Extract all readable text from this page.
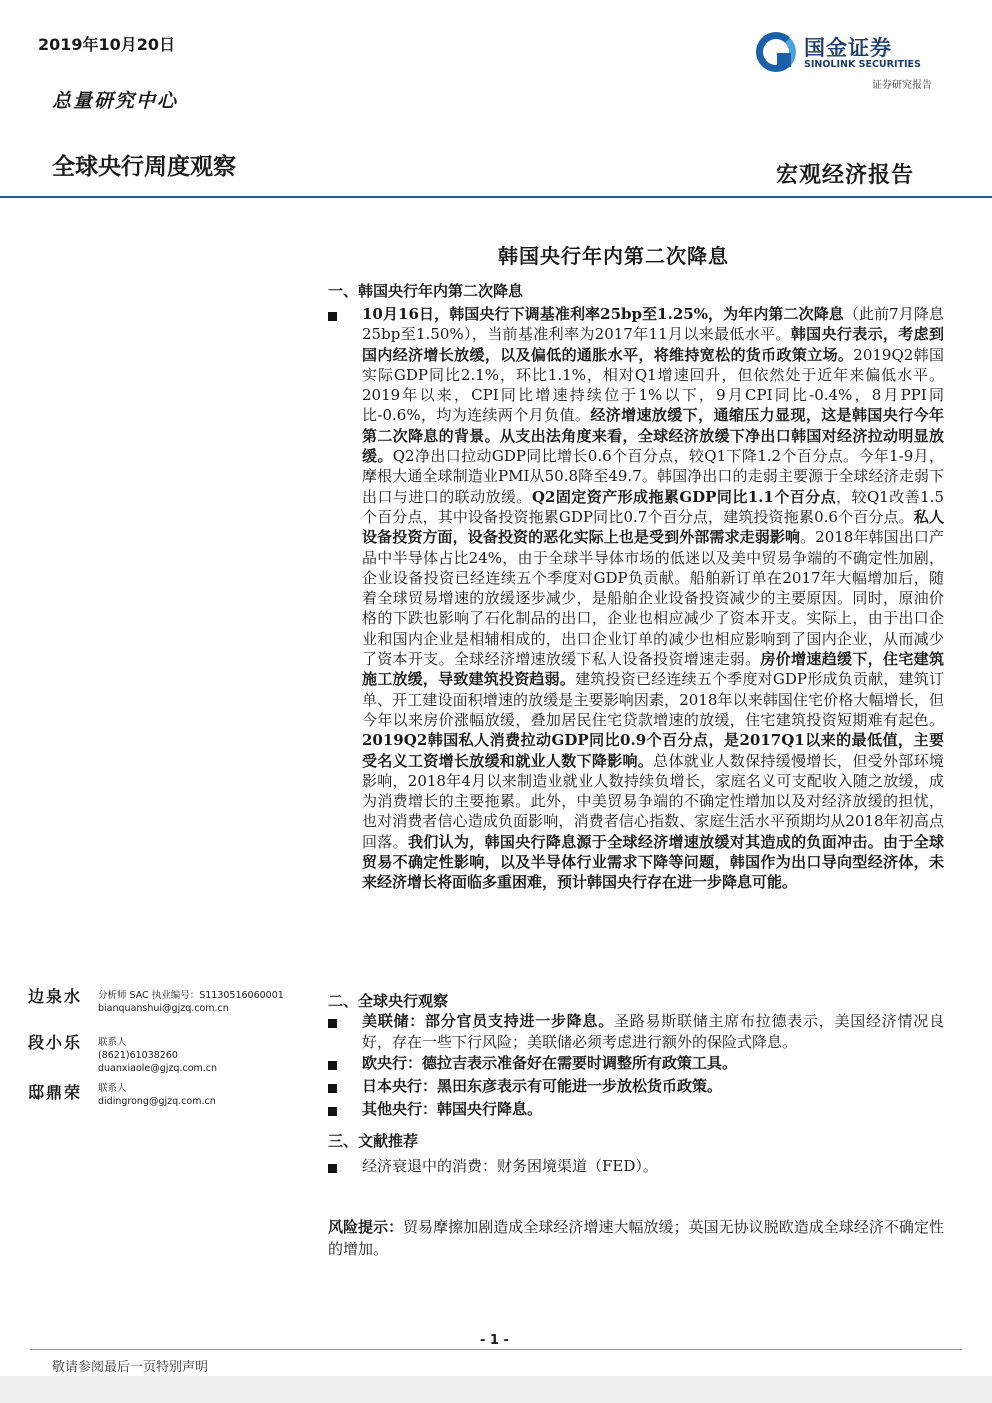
2019年10月20日
总量研究中心
全球央行周度观察	宏观经济报告
国金证券
SINOLINK SECURITIES
证券研究报告
韩国央行年内第二次降息
一、韩国央行年内第二次降息
10月16日，韩国央行下调基准利率25bp至1.25%，为年内第二次降息（此前7月降息25bp至1.50%），当前基准利率为2017年11月以来最低水平。韩国央行表示，考虑到国内经济增长放缓，以及偏低的通胀水平，将维持宽松的货币政策立场。2019Q2韩国实际GDP同比2.1%，环比1.1%，相对Q1增速回升，但依然处于近年来偏低水平。2019年以来，CPI同比增速持续位于1%以下，9月CPI同比-0.4%，8月PPI同比-0.6%，均为连续两个月负值。经济增速放缓下，通缩压力显现，这是韩国央行今年第二次降息的背景。从支出法角度来看，全球经济放缓下净出口韩国对经济拉动明显放缓。Q2净出口拉动GDP同比增长0.6个百分点，较Q1下降1.2个百分点。今年1-9月，摩根大通全球制造业PMI从50.8降至49.7。韩国净出口的走弱主要源于全球经济走弱下出口与进口的联动放缓。Q2固定资产形成拖累GDP同比1.1个百分点，较Q1改善1.5个百分点，其中设备投资拖累GDP同比0.7个百分点，建筑投资拖累0.6个百分点。私人设备投资方面，设备投资的恶化实际上也是受到外部需求走弱影响。2018年韩国出口产品中半导体占比24%，由于全球半导体市场的低迷以及美中贸易争端的不确定性加剧，企业设备投资已经连续五个季度对GDP负贡献。船舶新订单在2017年大幅增加后，随着全球贸易增速的放缓逐步减少，是船舶企业设备投资减少的主要原因。同时，原油价格的下跌也影响了石化制品的出口，企业也相应减少了资本开支。实际上，由于出口企业和国内企业是相辅相成的，出口企业订单的减少也相应影响到了国内企业，从而减少了资本开支。全球经济增速放缓下私人设备投资增速走弱。房价增速趋缓下，住宅建筑施工放缓，导致建筑投资趋弱。建筑投资已经连续五个季度对GDP形成负贡献，建筑订单、开工建设面积增速的放缓是主要影响因素，2018年以来韩国住宅价格大幅增长，但今年以来房价涨幅放缓，叠加居民住宅贷款增速的放缓，住宅建筑投资短期难有起色。2019Q2韩国私人消费拉动GDP同比0.9个百分点，是2017Q1以来的最低值，主要受名义工资增长放缓和就业人数下降影响。总体就业人数保持缓慢增长，但受外部环境影响，2018年4月以来制造业就业人数持续负增长，家庭名义可支配收入随之放缓，成为消费增长的主要拖累。此外，中美贸易争端的不确定性增加以及对经济放缓的担忧，也对消费者信心造成负面影响，消费者信心指数、家庭生活水平预期均从2018年初高点回落。我们认为，韩国央行降息源于全球经济增速放缓对其造成的负面冲击。由于全球贸易不确定性影响，以及半导体行业需求下降等问题，韩国作为出口导向型经济体，未来经济增长将面临多重困难，预计韩国央行存在进一步降息可能。
边泉水 分析师 SAC 执业编号：S1130516060001
bianquanshui@gjzq.com.cn
段小乐 联系人
(8621)61038260
duanxiaole@gjzq.com.cn
邸鼎荣 联系人
didingrong@gjzq.com.cn
二、全球央行观察
美联储：部分官员支持进一步降息。圣路易斯联储主席布拉德表示，美国经济情况良好，存在一些下行风险；美联储必须考虑进行额外的保险式降息。
欧央行：德拉吉表示准备好在需要时调整所有政策工具。
日本央行：黑田东彦表示有可能进一步放松货币政策。
其他央行：韩国央行降息。
三、文献推荐
经济衰退中的消费：财务困境渠道（FED）。
风险提示：贸易摩擦加剧造成全球经济增速大幅放缓；英国无协议脱欧造成全球经济不确定性的增加。
- 1 -
敬请参阅最后一页特别声明
